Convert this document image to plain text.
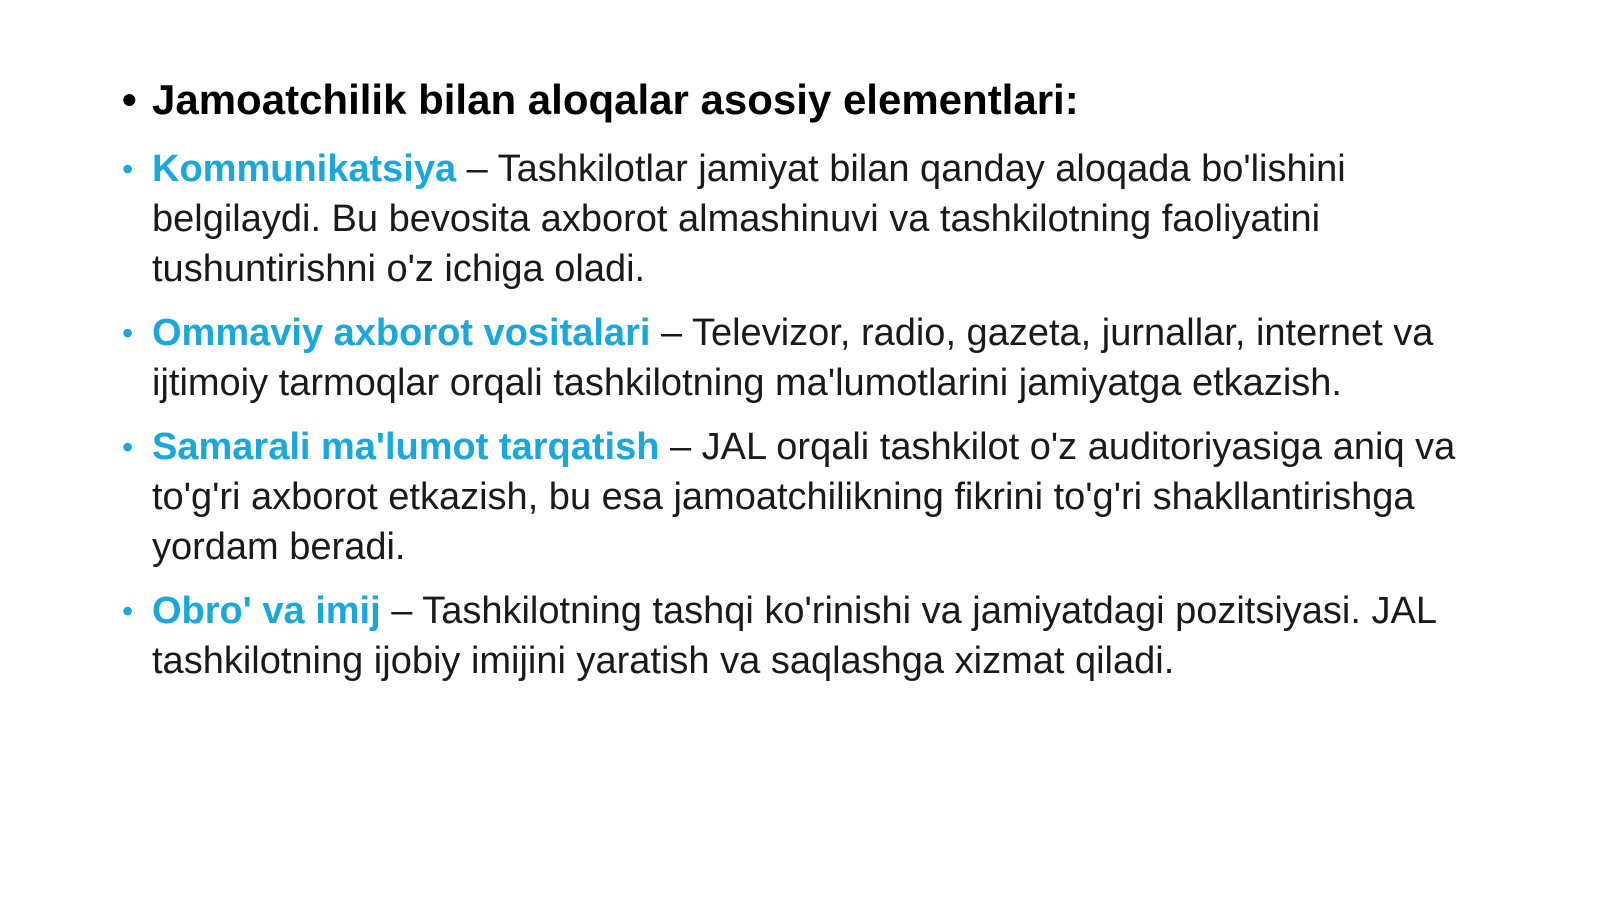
• Jamoatchilik bilan aloqalar asosiy elementlari:
• Kommunikatsiya – Tashkilotlar jamiyat bilan qanday aloqada bo'lishini belgilaydi. Bu bevosita axborot almashinuvi va tashkilotning faoliyatini tushuntirishni o'z ichiga oladi.
• Ommaviy axborot vositalari – Televizor, radio, gazeta, jurnallar, internet va ijtimoiy tarmoqlar orqali tashkilotning ma'lumotlarini jamiyatga etkazish.
• Samarali ma'lumot tarqatish – JAL orqali tashkilot o'z auditoriyasiga aniq va to'g'ri axborot etkazish, bu esa jamoatchilikning fikrini to'g'ri shakllantirishga yordam beradi.
• Obro' va imij – Tashkilotning tashqi ko'rinishi va jamiyatdagi pozitsiyasi. JAL tashkilotning ijobiy imijini yaratish va saqlashga xizmat qiladi.
